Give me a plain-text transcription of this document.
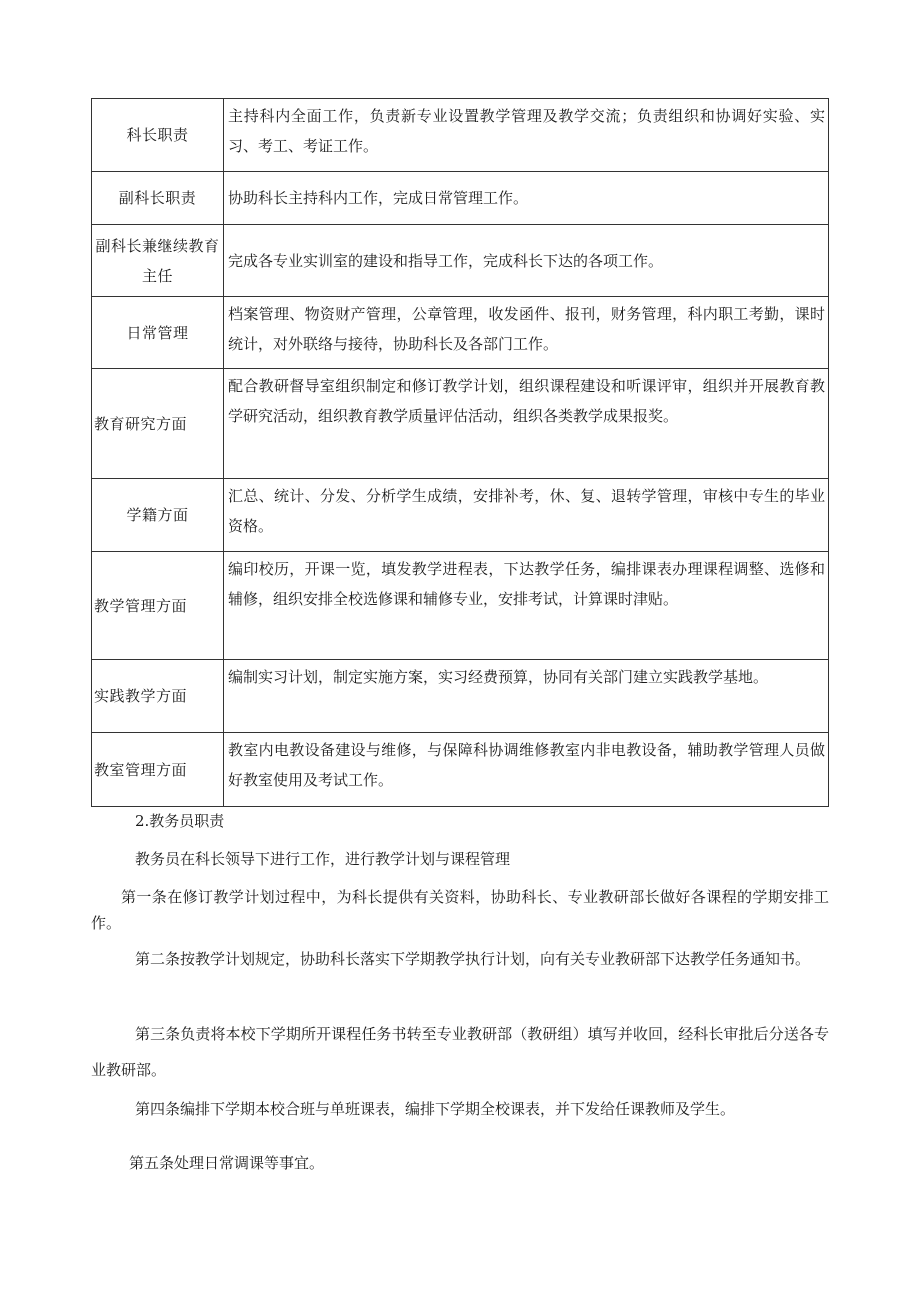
科长职责	主持科内全面工作，负责新专业设置教学管理及教学交流；负责组织和协调好实验、实习、考工、考证工作。
副科长职责	协助科长主持科内工作，完成日常管理工作。
副科长兼继续教育主任	完成各专业实训室的建设和指导工作，完成科长下达的各项工作。
日常管理	档案管理、物资财产管理，公章管理，收发函件、报刊，财务管理，科内职工考勤，课时统计，对外联络与接待，协助科长及各部门工作。
教育研究方面	配合教研督导室组织制定和修订教学计划，组织课程建设和听课评审，组织并开展教育教学研究活动，组织教育教学质量评估活动，组织各类教学成果报奖。
学籍方面	汇总、统计、分发、分析学生成绩，安排补考，休、复、退转学管理，审核中专生的毕业资格。
教学管理方面	编印校历，开课一览，填发教学进程表，下达教学任务，编排课表办理课程调整、选修和辅修，组织安排全校选修课和辅修专业，安排考试，计算课时津贴。
实践教学方面	编制实习计划，制定实施方案，实习经费预算，协同有关部门建立实践教学基地。
教室管理方面	教室内电教设备建设与维修，与保障科协调维修教室内非电教设备，辅助教学管理人员做好教室使用及考试工作。

2.教务员职责

教务员在科长领导下进行工作，进行教学计划与课程管理

第一条在修订教学计划过程中，为科长提供有关资料，协助科长、专业教研部长做好各课程的学期安排工作。

第二条按教学计划规定，协助科长落实下学期教学执行计划，向有关专业教研部下达教学任务通知书。

第三条负责将本校下学期所开课程任务书转至专业教研部（教研组）填写并收回，经科长审批后分送各专业教研部。

第四条编排下学期本校合班与单班课表，编排下学期全校课表，并下发给任课教师及学生。

第五条处理日常调课等事宜。
